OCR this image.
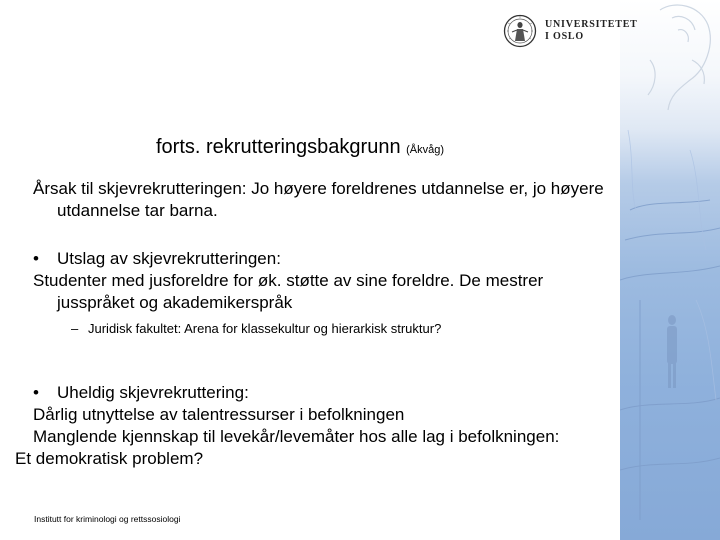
UNIVERSITETET
I OSLO
forts. rekrutteringsbakgrunn (Åkvåg)
Årsak til skjevrekrutteringen: Jo høyere foreldrenes utdannelse er, jo høyere utdannelse tar barna.
• Utslag av skjevrekrutteringen:
Studenter med jusforeldre for øk. støtte av sine foreldre. De mestrer jusspråket og akademikerspråk
– Juridisk fakultet: Arena for klassekultur og hierarkisk struktur?
• Uheldig skjevrekruttering:
Dårlig utnyttelse av talentressurser i befolkningen
Manglende kjennskap til levekår/levemåter hos alle lag i befolkningen:
Et demokratisk problem?
Institutt for kriminologi og rettssosiologi
